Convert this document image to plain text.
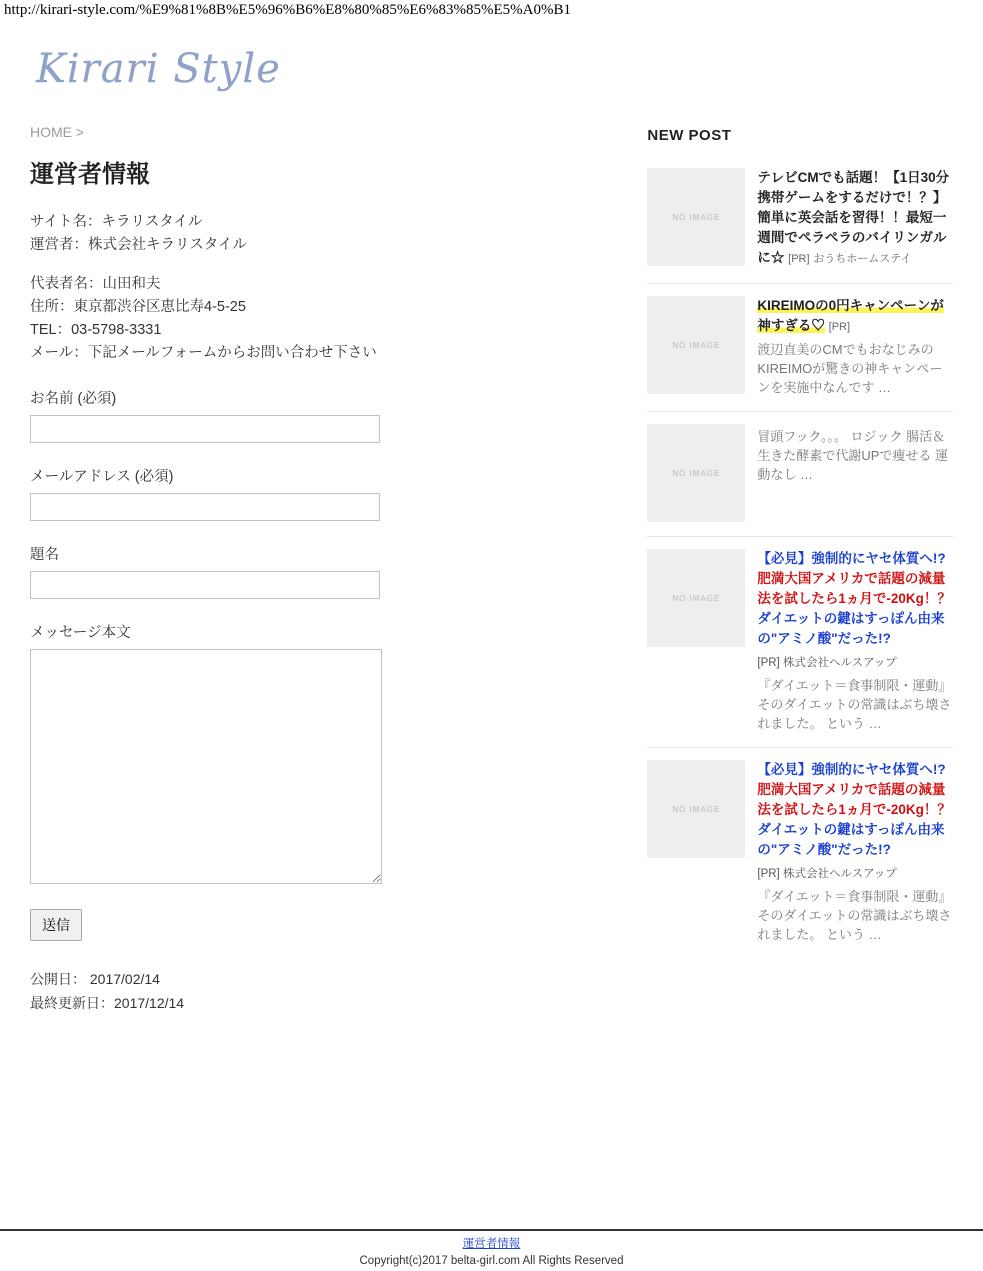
http://kirari-style.com/%E9%81%8B%E5%96%B6%E8%80%85%E6%83%85%E5%A0%B1
Kirari Style
HOME >
運営者情報
サイト名：キラリスタイル
運営者：株式会社キラリスタイル
代表者名：山田和夫
住所：東京都渋谷区恵比寿4-5-25
TEL：03-5798-3331
メール：下記メールフォームからお問い合わせ下さい
お名前 (必須)
メールアドレス (必須)
題名
メッセージ本文
送信
公開日： 2017/02/14
最終更新日：2017/12/14
NEW POST
NO IMAGE
テレビCMでも話題！【1日30分携帯ゲームをするだけで！？】簡単に英会話を習得！！最短一週間でペラペラのバイリンガルに☆ [PR] おうちホームステイ
NO IMAGE
KIREIMOの0円キャンペーンが神すぎる♡ [PR]
渡辺直美のCMでもおなじみのKIREIMOが驚きの神キャンペーンを実施中なんです …
NO IMAGE
冒頭フック。。。 ロジック 腸活＆生きた酵素で代謝UPで痩せる 運動なし …
NO IMAGE
【必見】強制的にヤセ体質へ!?
肥満大国アメリカで話題の減量法を試したら1ヵ月で-20Kg！？
ダイエットの鍵はすっぽん由来の"アミノ酸"だった!?
[PR] 株式会社ヘルスアップ
『ダイエット＝食事制限・運動』 そのダイエットの常識はぶち壊されました。 という …
NO IMAGE
【必見】強制的にヤセ体質へ!?
肥満大国アメリカで話題の減量法を試したら1ヵ月で-20Kg！？
ダイエットの鍵はすっぽん由来の"アミノ酸"だった!?
[PR] 株式会社ヘルスアップ
『ダイエット＝食事制限・運動』 そのダイエットの常識はぶち壊されました。 という …
運営者情報
Copyright(c)2017 belta-girl.com All Rights Reserved
